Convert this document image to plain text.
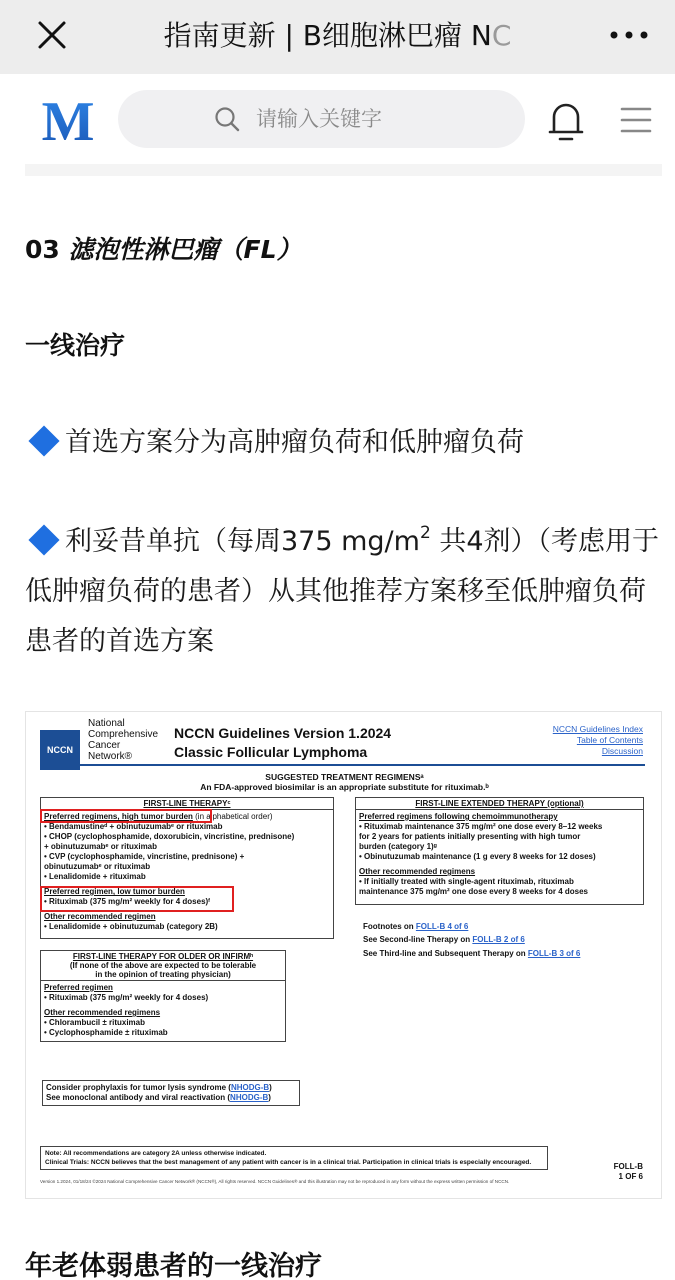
指南更新 | B细胞淋巴瘤 NC
M	请输入关键字
03 滤泡性淋巴瘤（FL）
一线治疗
首选方案分为高肿瘤负荷和低肿瘤负荷
利妥昔单抗（每周375 $mg/m^2$ 共4剂）（考虑用于低肿瘤负荷的患者）从其他推荐方案移至低肿瘤负荷患者的首选方案
NCCN
National
Comprehensive
Cancer
Network®
NCCN Guidelines Version 1.2024
Classic Follicular Lymphoma
NCCN Guidelines Index
Table of Contents
Discussion
SUGGESTED TREATMENT REGIMENSᵃ
An FDA-approved biosimilar is an appropriate substitute for rituximab.ᵇ
FIRST-LINE THERAPYᶜ
Preferred regimens, high tumor burden (in alphabetical order)
• Bendamustineᵈ + obinutuzumabᵉ or rituximab
• CHOP (cyclophosphamide, doxorubicin, vincristine, prednisone)
+ obinutuzumabᵉ or rituximab
• CVP (cyclophosphamide, vincristine, prednisone) +
obinutuzumabᵉ or rituximab
• Lenalidomide + rituximab
Preferred regimen, low tumor burden
• Rituximab (375 mg/m² weekly for 4 doses)ᶠ
Other recommended regimen
• Lenalidomide + obinutuzumab (category 2B)
FIRST-LINE EXTENDED THERAPY (optional)
Preferred regimens following chemoimmunotherapy
• Rituximab maintenance 375 mg/m² one dose every 8–12 weeks
for 2 years for patients initially presenting with high tumor
burden (category 1)ᵍ
• Obinutuzumab maintenance (1 g every 8 weeks for 12 doses)
Other recommended regimens
• If initially treated with single-agent rituximab, rituximab
maintenance 375 mg/m² one dose every 8 weeks for 4 doses
Footnotes on FOLL-B 4 of 6
See Second-line Therapy on FOLL-B 2 of 6
See Third-line and Subsequent Therapy on FOLL-B 3 of 6
FIRST-LINE THERAPY FOR OLDER OR INFIRMʰ
(If none of the above are expected to be tolerable
in the opinion of treating physician)
Preferred regimen
• Rituximab (375 mg/m² weekly for 4 doses)
Other recommended regimens
• Chlorambucil ± rituximab
• Cyclophosphamide ± rituximab
Consider prophylaxis for tumor lysis syndrome (NHODG-B)
See monoclonal antibody and viral reactivation (NHODG-B)
Note: All recommendations are category 2A unless otherwise indicated.
Clinical Trials: NCCN believes that the best management of any patient with cancer is in a clinical trial. Participation in clinical trials is especially encouraged.	FOLL-B
1 OF 6
Version 1.2024, 01/18/24 ©2024 National Comprehensive Cancer Network® (NCCN®), All rights reserved. NCCN Guidelines® and this illustration may not be reproduced in any form without the express written permission of NCCN.
年老体弱患者的一线治疗
